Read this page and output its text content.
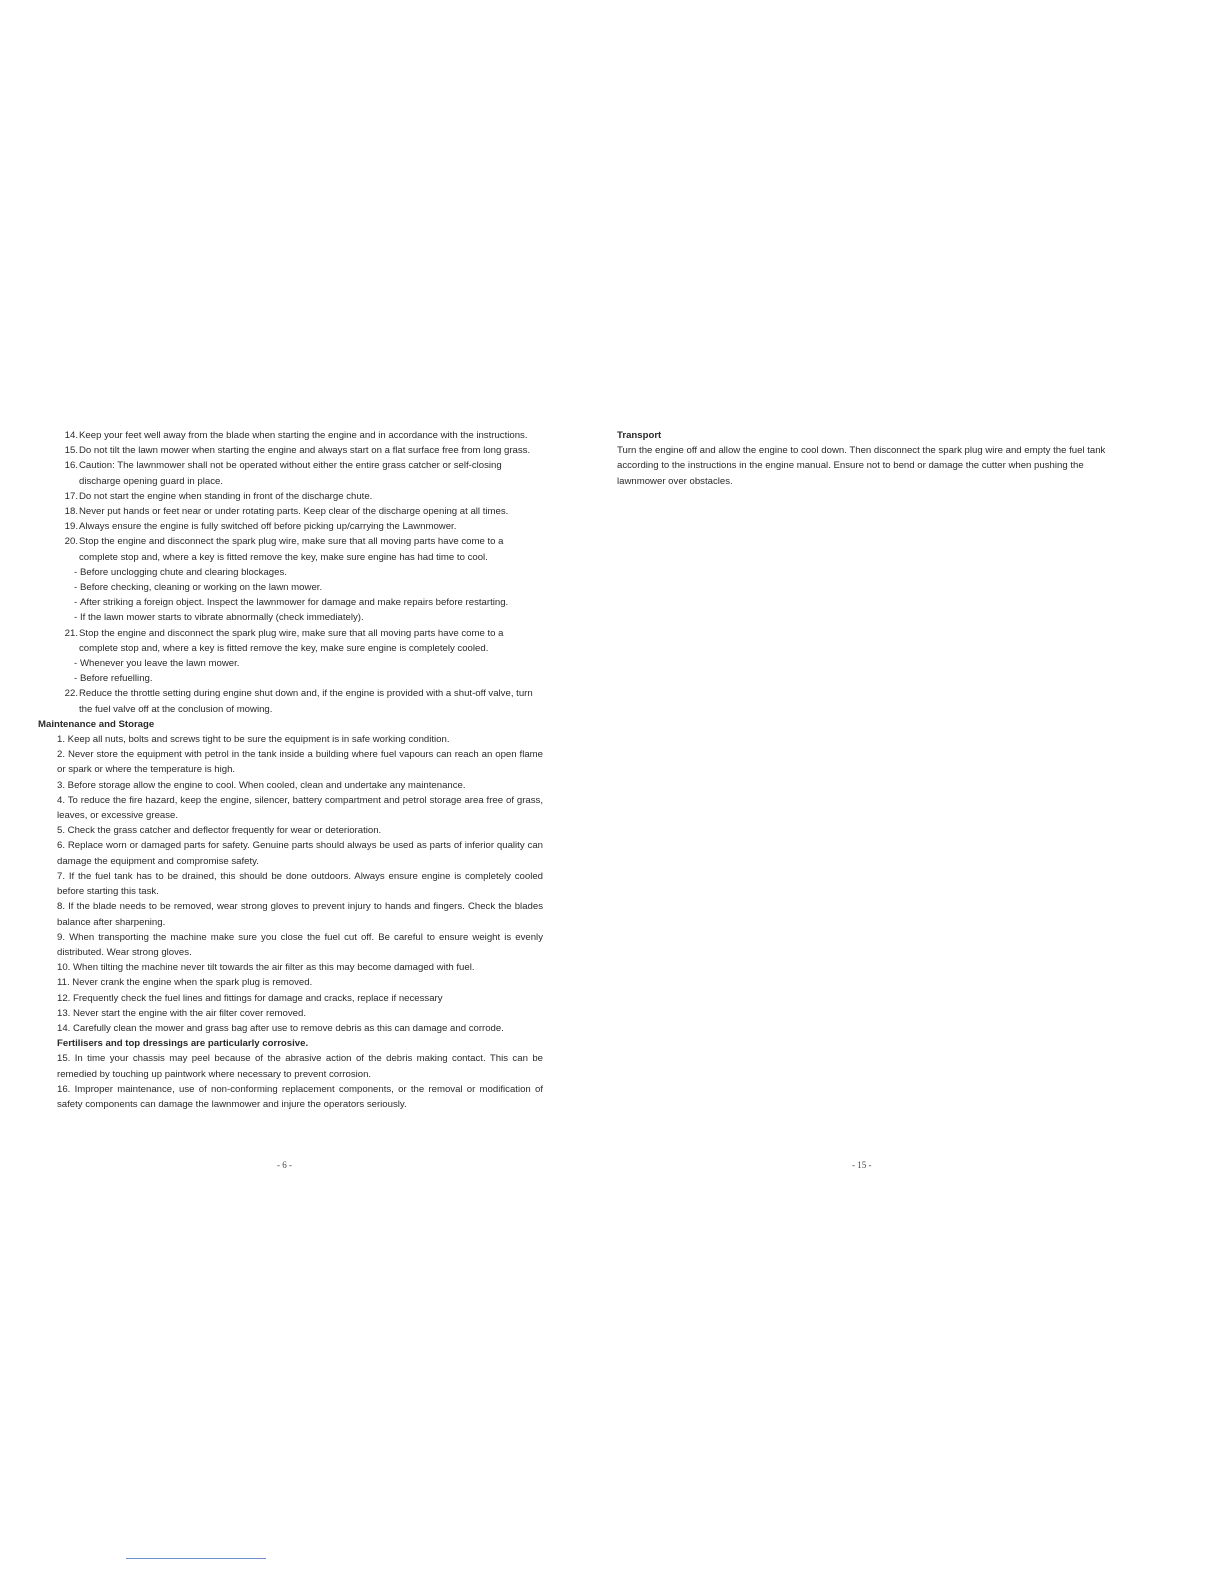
14. Keep your feet well away from the blade when starting the engine and in accordance with the instructions.
15. Do not tilt the lawn mower when starting the engine and always start on a flat surface free from long grass.
16. Caution: The lawnmower shall not be operated without either the entire grass catcher or self-closing discharge opening guard in place.
17. Do not start the engine when standing in front of the discharge chute.
18. Never put hands or feet near or under rotating parts. Keep clear of the discharge opening at all times.
19. Always ensure the engine is fully switched off before picking up/carrying the Lawnmower.
20. Stop the engine and disconnect the spark plug wire, make sure that all moving parts have come to a complete stop and, where a key is fitted remove the key, make sure engine has had time to cool.
- Before unclogging chute and clearing blockages.
- Before checking, cleaning or working on the lawn mower.
- After striking a foreign object. Inspect the lawnmower for damage and make repairs before restarting.
- If the lawn mower starts to vibrate abnormally (check immediately).
21. Stop the engine and disconnect the spark plug wire, make sure that all moving parts have come to a complete stop and, where a key is fitted remove the key, make sure engine is completely cooled.
- Whenever you leave the lawn mower.
- Before refuelling.
22. Reduce the throttle setting during engine shut down and, if the engine is provided with a shut-off valve, turn the fuel valve off at the conclusion of mowing.
Maintenance and Storage
1. Keep all nuts, bolts and screws tight to be sure the equipment is in safe working condition.
2. Never store the equipment with petrol in the tank inside a building where fuel vapours can reach an open flame or spark or where the temperature is high.
3. Before storage allow the engine to cool. When cooled, clean and undertake any maintenance.
4. To reduce the fire hazard, keep the engine, silencer, battery compartment and petrol storage area free of grass, leaves, or excessive grease.
5. Check the grass catcher and deflector frequently for wear or deterioration.
6. Replace worn or damaged parts for safety. Genuine parts should always be used as parts of inferior quality can damage the equipment and compromise safety.
7. If the fuel tank has to be drained, this should be done outdoors. Always ensure engine is completely cooled before starting this task.
8. If the blade needs to be removed, wear strong gloves to prevent injury to hands and fingers. Check the blades balance after sharpening.
9. When transporting the machine make sure you close the fuel cut off. Be careful to ensure weight is evenly distributed. Wear strong gloves.
10. When tilting the machine never tilt towards the air filter as this may become damaged with fuel.
11. Never crank the engine when the spark plug is removed.
12. Frequently check the fuel lines and fittings for damage and cracks, replace if necessary
13. Never start the engine with the air filter cover removed.
14. Carefully clean the mower and grass bag after use to remove debris as this can damage and corrode.
Fertilisers and top dressings are particularly corrosive.
15. In time your chassis may peel because of the abrasive action of the debris making contact. This can be remedied by touching up paintwork where necessary to prevent corrosion.
16. Improper maintenance, use of non-conforming replacement components, or the removal or modification of safety components can damage the lawnmower and injure the operators seriously.
- 6 -
Transport
Turn the engine off and allow the engine to cool down. Then disconnect the spark plug wire and empty the fuel tank according to the instructions in the engine manual. Ensure not to bend or damage the cutter when pushing the lawnmower over obstacles.
- 15 -
